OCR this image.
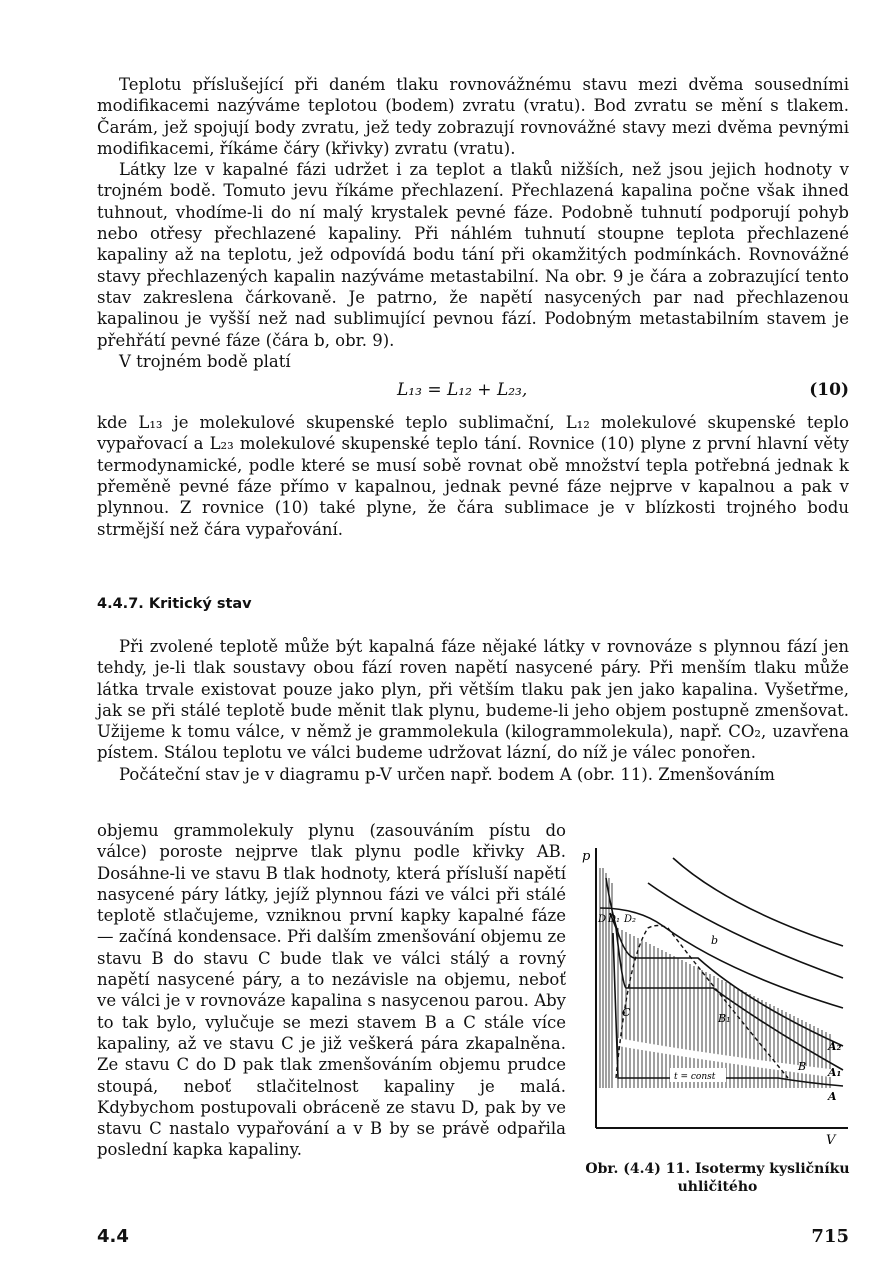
Teplotu příslušející při daném tlaku rovnovážnému stavu mezi dvěma sousedními modifikacemi nazýváme teplotou (bodem) zvratu (vratu). Bod zvratu se mění s tlakem. Čarám, jež spojují body zvratu, jež tedy zobrazují rovnovážné stavy mezi dvěma pevnými modifikacemi, říkáme čáry (křivky) zvratu (vratu).

Látky lze v kapalné fázi udržet i za teplot a tlaků nižších, než jsou jejich hodnoty v trojném bodě. Tomuto jevu říkáme přechlazení. Přechlazená kapalina počne však ihned tuhnout, vhodíme-li do ní malý krystalek pevné fáze. Podobně tuhnutí podporují pohyb nebo otřesy přechlazené kapaliny. Při náhlém tuhnutí stoupne teplota přechlazené kapaliny až na teplotu, jež odpovídá bodu tání při okamžitých podmínkách. Rovnovážné stavy přechlazených kapalin nazýváme metastabilní. Na obr. 9 je čára a zobrazující tento stav zakreslena čárkovaně. Je patrno, že napětí nasycených par nad přechlazenou kapalinou je vyšší než nad sublimující pevnou fází. Podobným metastabilním stavem je přehřátí pevné fáze (čára b, obr. 9).

V trojném bodě platí

L₁₃ = L₁₂ + L₂₃,	(10)

kde L₁₃ je molekulové skupenské teplo sublimační, L₁₂ molekulové skupenské teplo vypařovací a L₂₃ molekulové skupenské teplo tání. Rovnice (10) plyne z první hlavní věty termodynamické, podle které se musí sobě rovnat obě množství tepla potřebná jednak k přeměně pevné fáze přímo v kapalnou, jednak pevné fáze nejprve v kapalnou a pak v plynnou. Z rovnice (10) také plyne, že čára sublimace je v blízkosti trojného bodu strmější než čára vypařování.

4.4.7. Kritický stav

Při zvolené teplotě může být kapalná fáze nějaké látky v rovnováze s plynnou fází jen tehdy, je-li tlak soustavy obou fází roven napětí nasycené páry. Při menším tlaku může látka trvale existovat pouze jako plyn, při větším tlaku pak jen jako kapalina. Vyšetřme, jak se při stálé teplotě bude měnit tlak plynu, budeme-li jeho objem postupně zmenšovat. Užijeme k tomu válce, v němž je grammolekula (kilogrammolekula), např. CO₂, uzavřena pístem. Stálou teplotu ve válci budeme udržovat lázní, do níž je válec ponořen.

Počáteční stav je v diagramu p-V určen např. bodem A (obr. 11). Zmenšováním

objemu grammolekuly plynu (zasouváním pístu do válce) poroste nejprve tlak plynu podle křivky AB. Dosáhne-li ve stavu B tlak hodnoty, která přísluší napětí nasycené páry látky, jejíž plynnou fázi ve válci při stálé teplotě stlačujeme, vzniknou první kapky kapalné fáze — začíná kondensace. Při dalším zmenšování objemu ze stavu B do stavu C bude tlak ve válci stálý a rovný napětí nasycené páry, a to nezávisle na objemu, neboť ve válci je v rovnováze kapalina s nasycenou parou. Aby to tak bylo, vylučuje se mezi stavem B a C stále více kapaliny, až ve stavu C je již veškerá pára zkapalněna. Ze stavu C do D pak tlak zmenšováním objemu prudce stoupá, neboť stlačitelnost kapaliny je malá. Kdybychom postupovali obráceně ze stavu D, pak by ve stavu C nastalo vypařování a v B by se právě odpařila poslední kapka kapaliny.

p
V
D D₁ D₂
b
C	B₁
B
A
A₁
A₂
t = const
Obr. (4.4) 11. Isotermy kysličníku uhličitého
4.4	715
